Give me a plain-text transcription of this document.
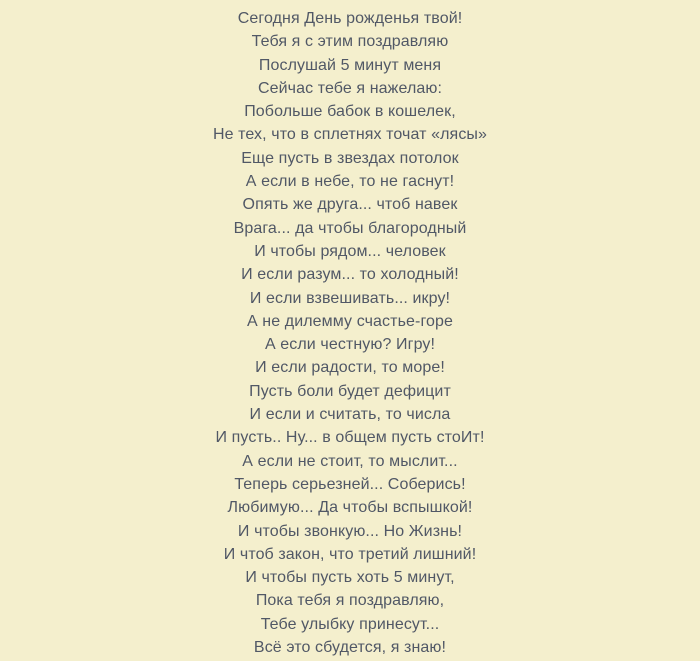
Сегодня День рожденья твой!
Тебя я с этим поздравляю
Послушай 5 минут меня
Сейчас тебе я нажелаю:
Побольше бабок в кошелек,
Не тех, что в сплетнях точат «лясы»
Еще пусть в звездах потолок
А если в небе, то не гаснут!
Опять же друга... чтоб навек
Врага... да чтобы благородный
И чтобы рядом... человек
И если разум... то холодный!
И если взвешивать... икру!
А не дилемму счастье-горе
А если честную? Игру!
И если радости, то море!
Пусть боли будет дефицит
И если и считать, то числа
И пусть.. Ну... в общем пусть стоИт!
А если не стоит, то мыслит...
Теперь серьезней... Соберись!
Любимую... Да чтобы вспышкой!
И чтобы звонкую... Но Жизнь!
И чтоб закон, что третий лишний!
И чтобы пусть хоть 5 минут,
Пока тебя я поздравляю,
Тебе улыбку принесут...
Всё это сбудется, я знаю!
